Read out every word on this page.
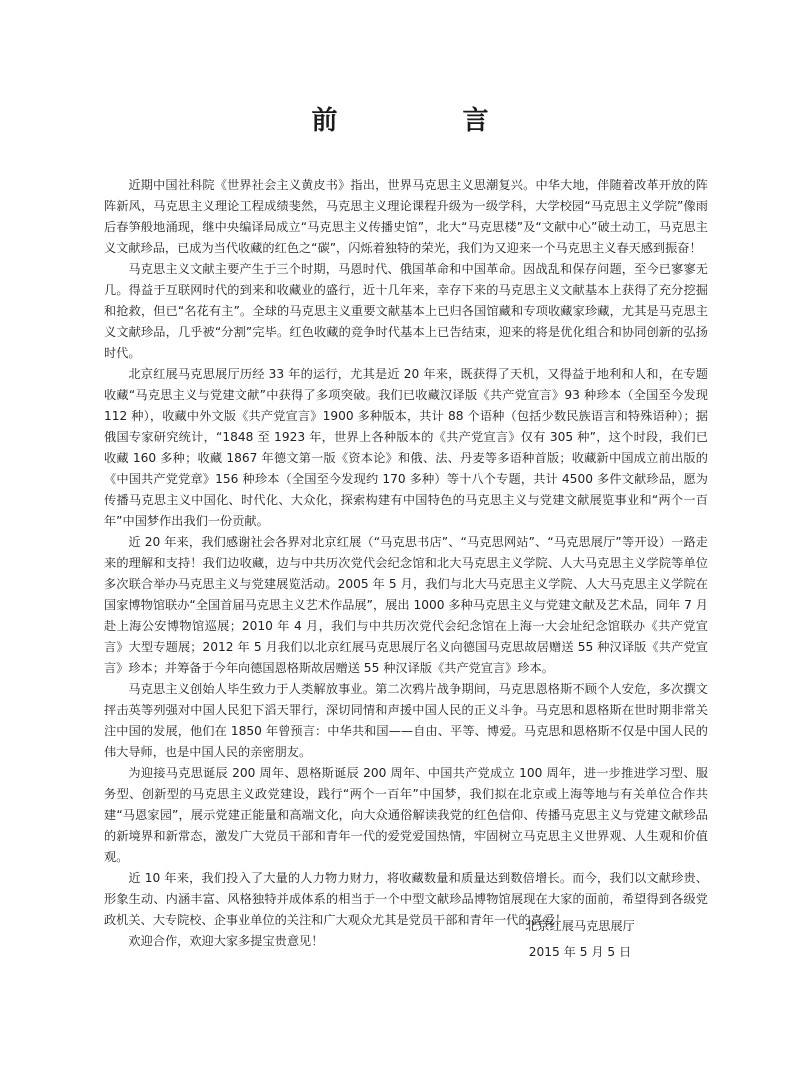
前 言

近期中国社科院《世界社会主义黄皮书》指出，世界马克思主义思潮复兴。中华大地，伴随着改革开放的阵阵新风，马克思主义理论工程成绩斐然，马克思主义理论课程升级为一级学科，大学校园“马克思主义学院”像雨后春笋般地涌现，继中央编译局成立“马克思主义传播史馆”，北大“马克思楼”及“文献中心”破土动工，马克思主义文献珍品，已成为当代收藏的红色之“碳”，闪烁着独特的荣光，我们为又迎来一个马克思主义春天感到振奋！

马克思主义文献主要产生于三个时期，马恩时代、俄国革命和中国革命。因战乱和保存问题，至今已寥寥无几。得益于互联网时代的到来和收藏业的盛行，近十几年来，幸存下来的马克思主义文献基本上获得了充分挖掘和抢救，但已“名花有主”。全球的马克思主义重要文献基本上已归各国馆藏和专项收藏家珍藏，尤其是马克思主义文献珍品，几乎被“分割”完毕。红色收藏的竞争时代基本上已告结束，迎来的将是优化组合和协同创新的弘扬时代。

北京红展马克思展厅历经 33 年的运行，尤其是近 20 年来，既获得了天机，又得益于地利和人和，在专题收藏“马克思主义与党建文献”中获得了多项突破。我们已收藏汉译版《共产党宣言》93 种珍本（全国至今发现 112 种），收藏中外文版《共产党宣言》1900 多种版本，共计 88 个语种（包括少数民族语言和特殊语种）；据俄国专家研究统计，“1848 至 1923 年，世界上各种版本的《共产党宣言》仅有 305 种”，这个时段，我们已收藏 160 多种；收藏 1867 年德文第一版《资本论》和俄、法、丹麦等多语种首版；收藏新中国成立前出版的《中国共产党党章》156 种珍本（全国至今发现约 170 多种）等十八个专题，共计 4500 多件文献珍品，愿为传播马克思主义中国化、时代化、大众化，探索构建有中国特色的马克思主义与党建文献展览事业和“两个一百年”中国梦作出我们一份贡献。

近 20 年来，我们感谢社会各界对北京红展（“马克思书店”、“马克思网站”、“马克思展厅”等开设）一路走来的理解和支持！我们边收藏，边与中共历次党代会纪念馆和北大马克思主义学院、人大马克思主义学院等单位多次联合举办马克思主义与党建展览活动。2005 年 5 月，我们与北大马克思主义学院、人大马克思主义学院在国家博物馆联办“全国首届马克思主义艺术作品展”，展出 1000 多种马克思主义与党建文献及艺术品，同年 7 月赴上海公安博物馆巡展；2010 年 4 月，我们与中共历次党代会纪念馆在上海一大会址纪念馆联办《共产党宣言》大型专题展；2012 年 5 月我们以北京红展马克思展厅名义向德国马克思故居赠送 55 种汉译版《共产党宣言》珍本；并筹备于今年向德国恩格斯故居赠送 55 种汉译版《共产党宣言》珍本。

马克思主义创始人毕生致力于人类解放事业。第二次鸦片战争期间，马克思恩格斯不顾个人安危，多次撰文抨击英等列强对中国人民犯下滔天罪行，深切同情和声援中国人民的正义斗争。马克思和恩格斯在世时期非常关注中国的发展，他们在 1850 年曾预言：中华共和国——自由、平等、博爱。马克思和恩格斯不仅是中国人民的伟大导师，也是中国人民的亲密朋友。

为迎接马克思诞辰 200 周年、恩格斯诞辰 200 周年、中国共产党成立 100 周年，进一步推进学习型、服务型、创新型的马克思主义政党建设，践行“两个一百年”中国梦，我们拟在北京或上海等地与有关单位合作共建“马恩家园”，展示党建正能量和高端文化，向大众通俗解读我党的红色信仰、传播马克思主义与党建文献珍品的新境界和新常态，激发广大党员干部和青年一代的爱党爱国热情，牢固树立马克思主义世界观、人生观和价值观。

近 10 年来，我们投入了大量的人力物力财力，将收藏数量和质量达到数倍增长。而今，我们以文献珍贵、形象生动、内涵丰富、风格独特并成体系的相当于一个中型文献珍品博物馆展现在大家的面前，希望得到各级党政机关、大专院校、企事业单位的关注和广大观众尤其是党员干部和青年一代的喜爱！

欢迎合作，欢迎大家多提宝贵意见！

北京红展马克思展厅
2015 年 5 月 5 日
